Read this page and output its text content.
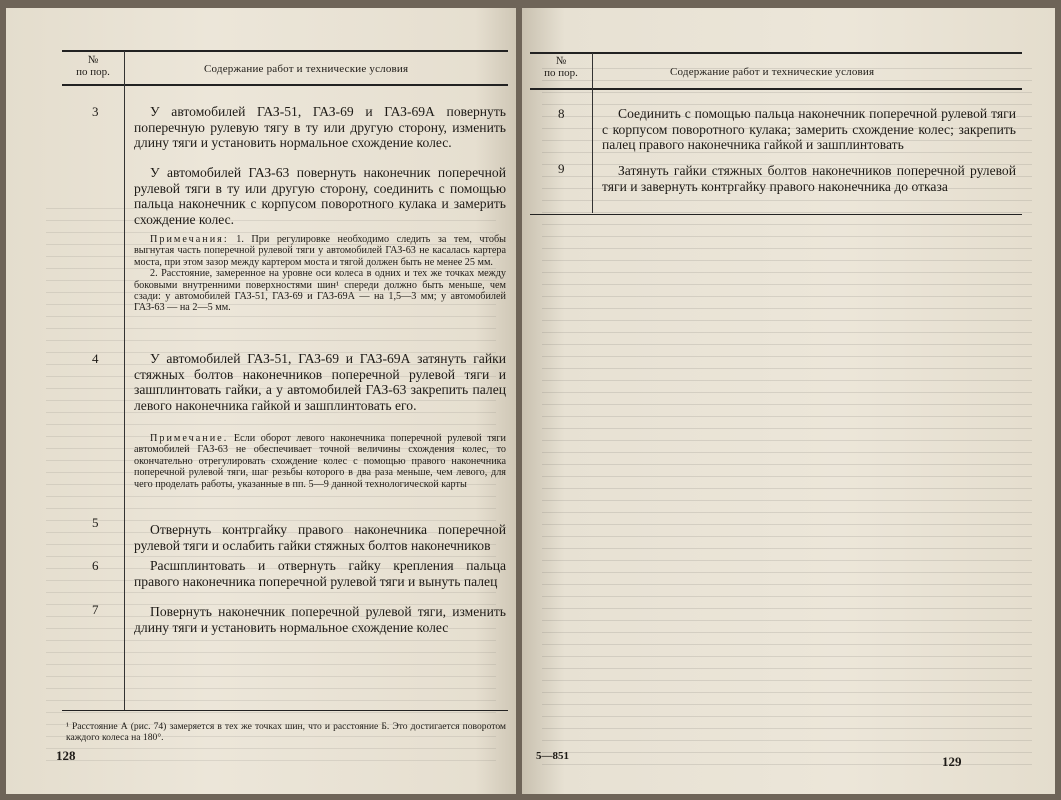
№
по пор.	Содержание работ и технические условия
3	У автомобилей ГАЗ-51, ГАЗ-69 и ГАЗ-69А повернуть поперечную рулевую тягу в ту или другую сторону, изменить длину тяги и установить нормальное схождение колес.

У автомобилей ГАЗ-63 повернуть наконечник поперечной рулевой тяги в ту или другую сторону, соединить с помощью пальца наконечник с корпусом поворотного кулака и замерить схождение колес.

Примечания: 1. При регулировке необходимо следить за тем, чтобы выгнутая часть поперечной рулевой тяги у автомобилей ГАЗ-63 не касалась картера моста, при этом зазор между картером моста и тягой должен быть не менее 25 мм.

2. Расстояние, замеренное на уровне оси колеса в одних и тех же точках между боковыми внутренними поверхностями шин¹ спереди должно быть меньше, чем сзади: у автомобилей ГАЗ-51, ГАЗ-69 и ГАЗ-69А — на 1,5—3 мм; у автомобилей ГАЗ-63 — на 2—5 мм.

4	У автомобилей ГАЗ-51, ГАЗ-69 и ГАЗ-69А затянуть гайки стяжных болтов наконечников поперечной рулевой тяги и зашплинтовать гайки, а у автомобилей ГАЗ-63 закрепить палец левого наконечника гайкой и зашплинтовать его.

Примечание. Если оборот левого наконечника поперечной рулевой тяги автомобилей ГАЗ-63 не обеспечивает точной величины схождения колес, то окончательно отрегулировать схождение колес с помощью правого наконечника поперечной рулевой тяги, шаг резьбы которого в два раза меньше, чем левого, для чего проделать работы, указанные в пп. 5—9 данной технологической карты

5	Отвернуть контргайку правого наконечника поперечной рулевой тяги и ослабить гайки стяжных болтов наконечников

6	Расшплинтовать и отвернуть гайку крепления пальца правого наконечника поперечной рулевой тяги и вынуть палец

7	Повернуть наконечник поперечной рулевой тяги, изменить длину тяги и установить нормальное схождение колес

¹ Расстояние А (рис. 74) замеряется в тех же точках шин, что и расстояние Б. Это достигается поворотом каждого колеса на 180°.

128
№
по пор.	Содержание работ и технические условия
8	Соединить с помощью пальца наконечник поперечной рулевой тяги с корпусом поворотного кулака; замерить схождение колес; закрепить палец правого наконечника гайкой и зашплинтовать

9	Затянуть гайки стяжных болтов наконечников поперечной рулевой тяги и завернуть контргайку правого наконечника до отказа

5—851	129
